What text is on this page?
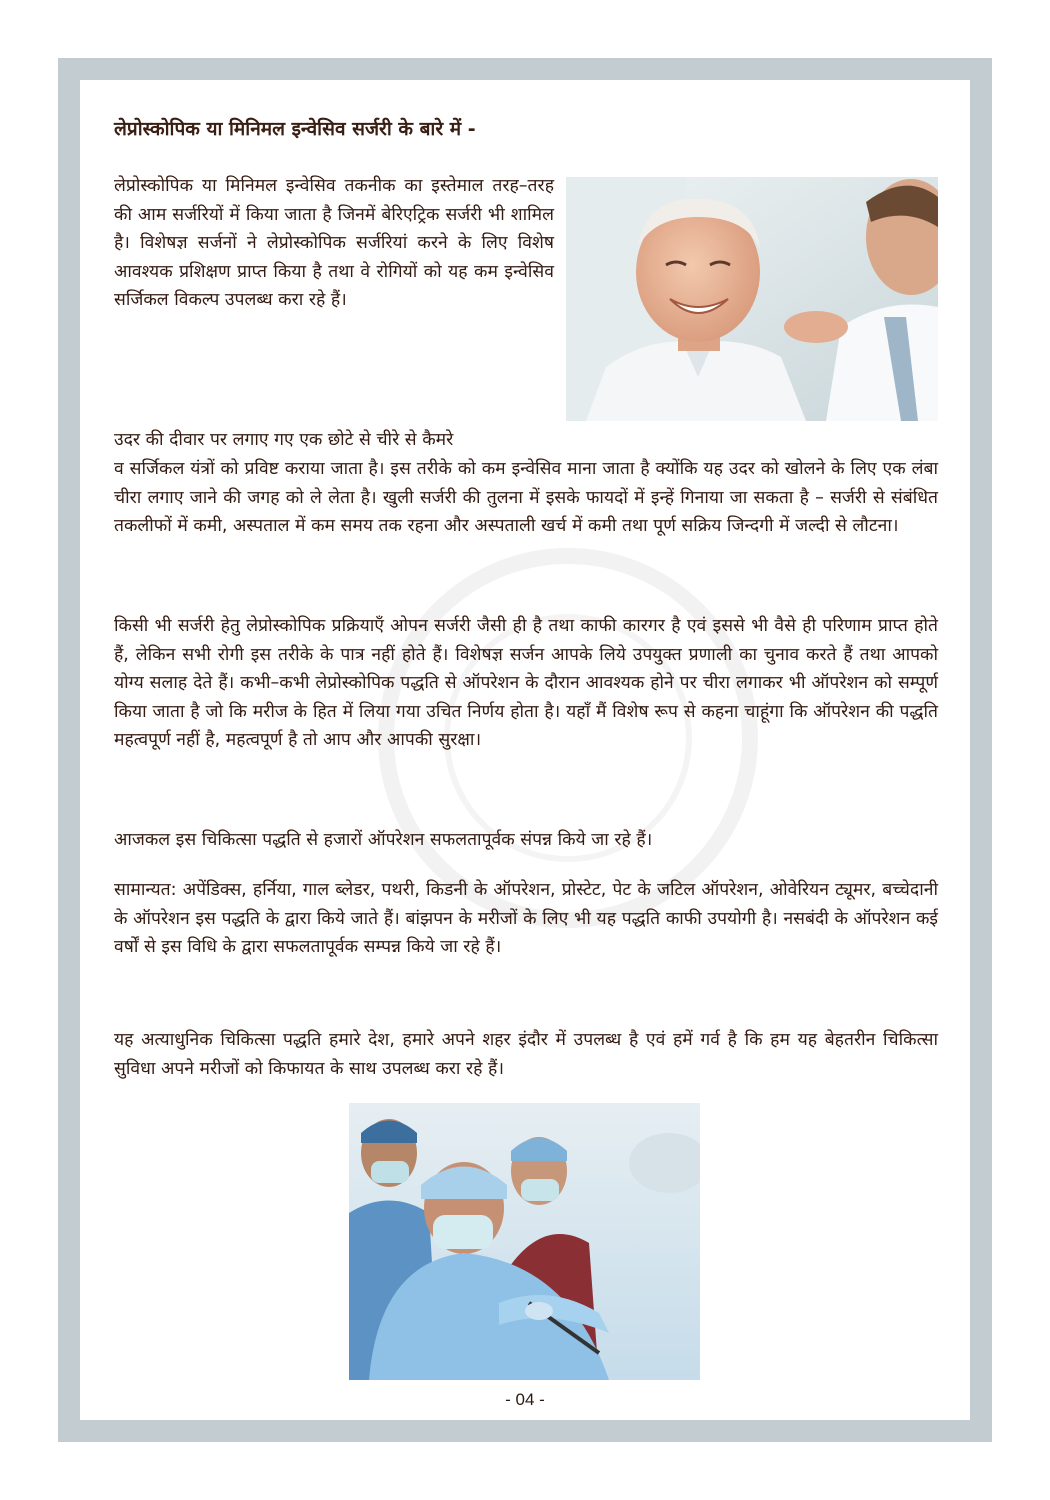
लेप्रोस्कोपिक या मिनिमल इन्वेसिव सर्जरी के बारे में -

लेप्रोस्कोपिक या मिनिमल इन्वेसिव तकनीक का इस्तेमाल तरह–तरह की आम सर्जरियों में किया जाता है जिनमें बेरिएट्रिक सर्जरी भी शामिल है। विशेषज्ञ सर्जनों ने लेप्रोस्कोपिक सर्जरियां करने के लिए विशेष आवश्यक प्रशिक्षण प्राप्त किया है तथा वे रोगियों को यह कम इन्वेसिव सर्जिकल विकल्प उपलब्ध करा रहे हैं।

उदर की दीवार पर लगाए गए एक छोटे से चीरे से कैमरे

व सर्जिकल यंत्रों को प्रविष्ट कराया जाता है। इस तरीके को कम इन्वेसिव माना जाता है क्योंकि यह उदर को खोलने के लिए एक लंबा चीरा लगाए जाने की जगह को ले लेता है। खुली सर्जरी की तुलना में इसके फायदों में इन्हें गिनाया जा सकता है – सर्जरी से संबंधित तकलीफों में कमी, अस्पताल में कम समय तक रहना और अस्पताली खर्च में कमी तथा पूर्ण सक्रिय जिन्दगी में जल्दी से लौटना।

किसी भी सर्जरी हेतु लेप्रोस्कोपिक प्रक्रियाएँ ओपन सर्जरी जैसी ही है तथा काफी कारगर है एवं इससे भी वैसे ही परिणाम प्राप्त होते हैं, लेकिन सभी रोगी इस तरीके के पात्र नहीं होते हैं। विशेषज्ञ सर्जन आपके लिये उपयुक्त प्रणाली का चुनाव करते हैं तथा आपको योग्य सलाह देते हैं। कभी–कभी लेप्रोस्कोपिक पद्धति से ऑपरेशन के दौरान आवश्यक होने पर चीरा लगाकर भी ऑपरेशन को सम्पूर्ण किया जाता है जो कि मरीज के हित में लिया गया उचित निर्णय होता है। यहाँ मैं विशेष रूप से कहना चाहूंगा कि ऑपरेशन की पद्धति महत्वपूर्ण नहीं है, महत्वपूर्ण है तो आप और आपकी सुरक्षा।

आजकल इस चिकित्सा पद्धति से हजारों ऑपरेशन सफलतापूर्वक संपन्न किये जा रहे हैं।

सामान्यत: अपेंडिक्स, हर्निया, गाल ब्लेडर, पथरी, किडनी के ऑपरेशन, प्रोस्टेट, पेट के जटिल ऑपरेशन, ओवेरियन ट्यूमर, बच्चेदानी के ऑपरेशन इस पद्धति के द्वारा किये जाते हैं। बांझपन के मरीजों के लिए भी यह पद्धति काफी उपयोगी है। नसबंदी के ऑपरेशन कई वर्षों से इस विधि के द्वारा सफलतापूर्वक सम्पन्न किये जा रहे हैं।

यह अत्याधुनिक चिकित्सा पद्धति हमारे देश, हमारे अपने शहर इंदौर में उपलब्ध है एवं हमें गर्व है कि हम यह बेहतरीन चिकित्सा सुविधा अपने मरीजों को किफायत के साथ उपलब्ध करा रहे हैं।

- 04 -
